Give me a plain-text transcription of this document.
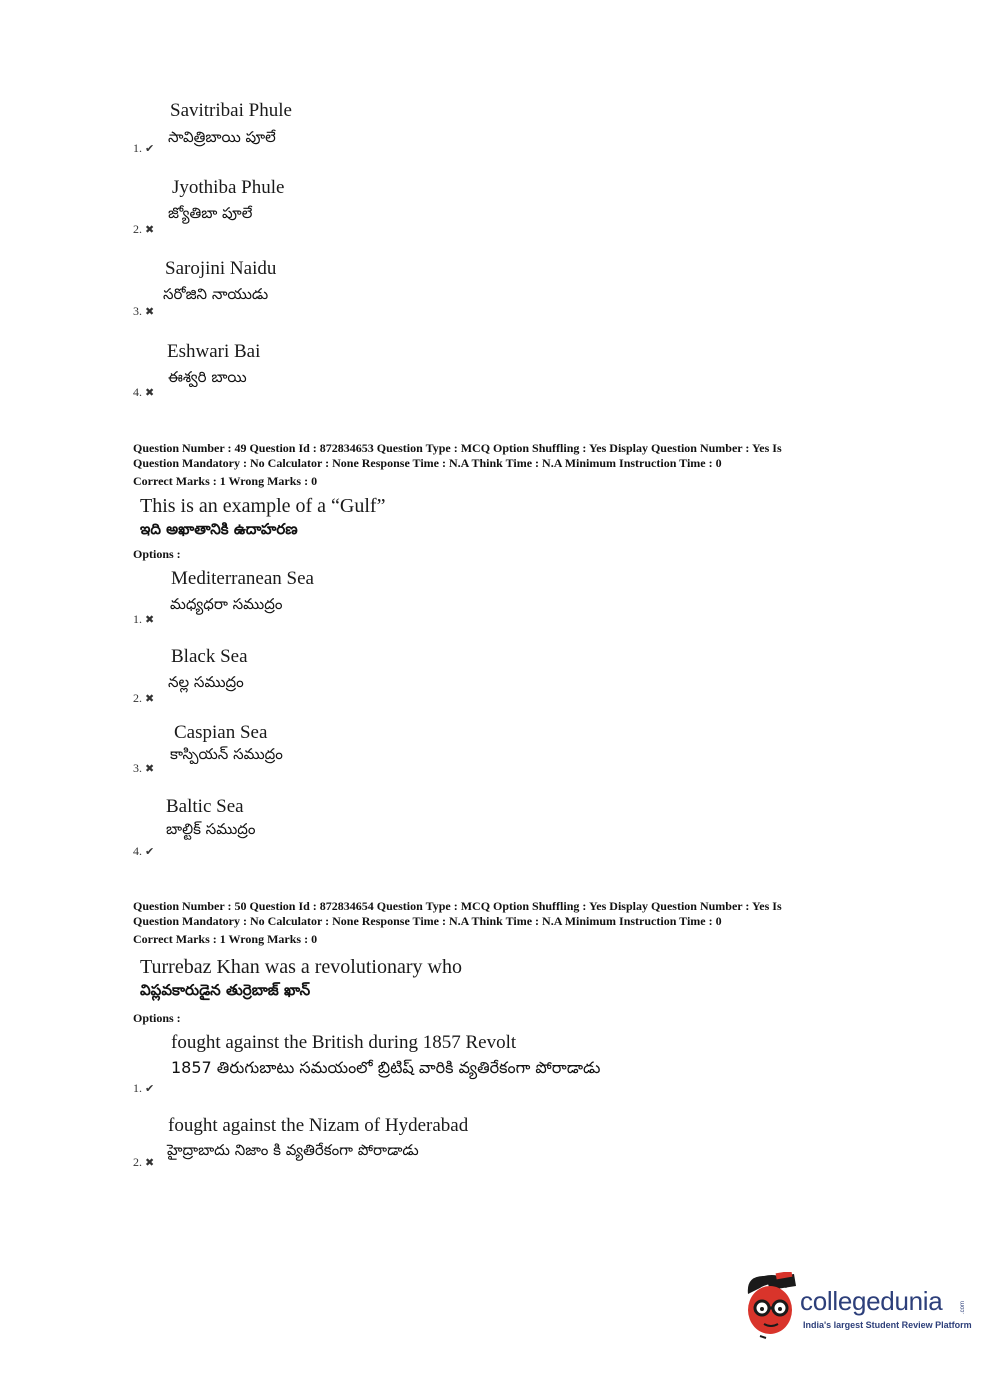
Savitribai Phule
సావిత్రిబాయి పూలే
1. ✔
Jyothiba Phule
జ్యోతిబా పూలే
2. ✖
Sarojini Naidu
సరోజిని నాయుడు
3. ✖
Eshwari Bai
ఈశ్వరి బాయి
4. ✖
Question Number : 49 Question Id : 872834653 Question Type : MCQ Option Shuffling : Yes Display Question Number : Yes Is
Question Mandatory : No Calculator : None Response Time : N.A Think Time : N.A Minimum Instruction Time : 0
Correct Marks : 1 Wrong Marks : 0
This is an example of a “Gulf”
ఇది అఖాతానికి ఉదాహరణ
Options :
Mediterranean Sea
మధ్యధరా సముద్రం
1. ✖
Black Sea
నల్ల సముద్రం
2. ✖
Caspian Sea
కాస్పియన్ సముద్రం
3. ✖
Baltic Sea
బాల్టిక్ సముద్రం
4. ✔
Question Number : 50 Question Id : 872834654 Question Type : MCQ Option Shuffling : Yes Display Question Number : Yes Is
Question Mandatory : No Calculator : None Response Time : N.A Think Time : N.A Minimum Instruction Time : 0
Correct Marks : 1 Wrong Marks : 0
Turrebaz Khan was a revolutionary who
విప్లవకారుడైన తుర్రెబాజ్ ఖాన్
Options :
fought against the British during 1857 Revolt
1857 తిరుగుబాటు సమయంలో బ్రిటిష్ వారికి వ్యతిరేకంగా పోరాడాడు
1. ✔
fought against the Nizam of Hyderabad
హైద్రాబాదు నిజాం కి వ్యతిరేకంగా పోరాడాడు
2. ✖
collegedunia	.com
India's largest Student Review Platform
